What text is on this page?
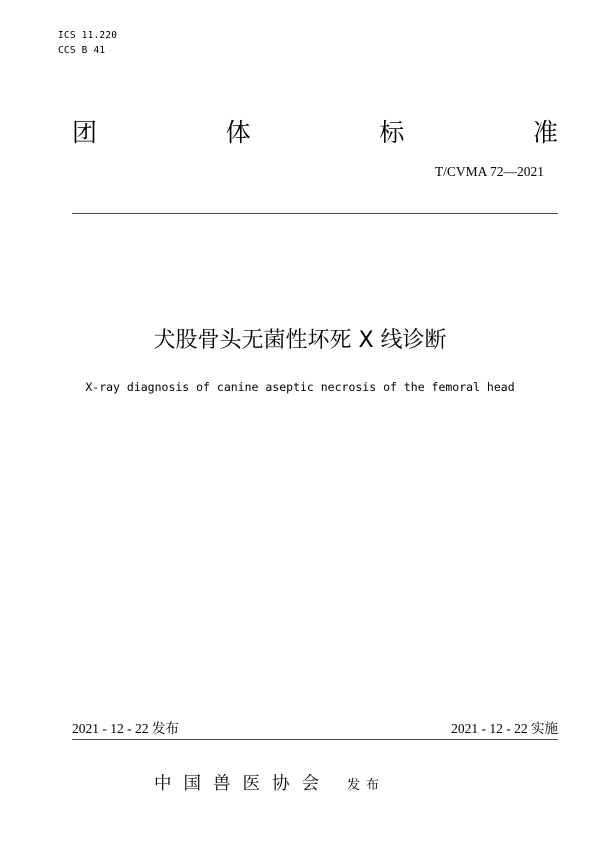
ICS 11.220
CCS B 41
团	体	标	准
T/CVMA 72—2021
犬股骨头无菌性坏死 X 线诊断
X-ray diagnosis of canine aseptic necrosis of the femoral head
2021 - 12 - 22 发布	2021 - 12 - 22 实施
中国兽医协会 发布
